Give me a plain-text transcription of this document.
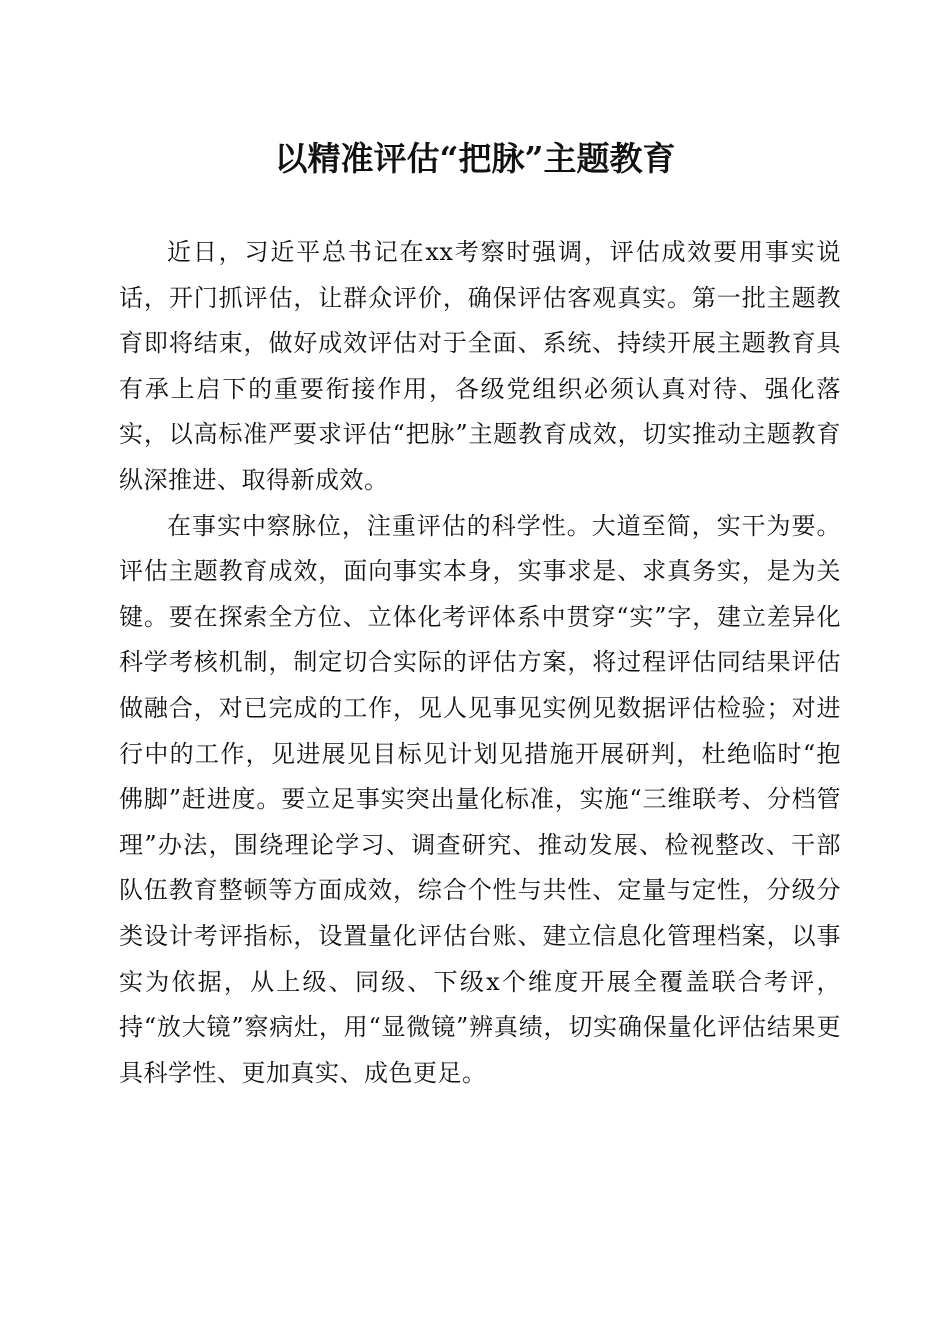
以精准评估“把脉”主题教育

近日，习近平总书记在xx考察时强调，评估成效要用事实说话，开门抓评估，让群众评价，确保评估客观真实。第一批主题教育即将结束，做好成效评估对于全面、系统、持续开展主题教育具有承上启下的重要衔接作用，各级党组织必须认真对待、强化落实，以高标准严要求评估“把脉”主题教育成效，切实推动主题教育纵深推进、取得新成效。

在事实中察脉位，注重评估的科学性。大道至简，实干为要。评估主题教育成效，面向事实本身，实事求是、求真务实，是为关键。要在探索全方位、立体化考评体系中贯穿“实”字，建立差异化科学考核机制，制定切合实际的评估方案，将过程评估同结果评估做融合，对已完成的工作，见人见事见实例见数据评估检验；对进行中的工作，见进展见目标见计划见措施开展研判，杜绝临时“抱佛脚”赶进度。要立足事实突出量化标准，实施“三维联考、分档管理”办法，围绕理论学习、调查研究、推动发展、检视整改、干部队伍教育整顿等方面成效，综合个性与共性、定量与定性，分级分类设计考评指标，设置量化评估台账、建立信息化管理档案，以事实为依据，从上级、同级、下级x个维度开展全覆盖联合考评，持“放大镜”察病灶，用“显微镜”辨真绩，切实确保量化评估结果更具科学性、更加真实、成色更足。
